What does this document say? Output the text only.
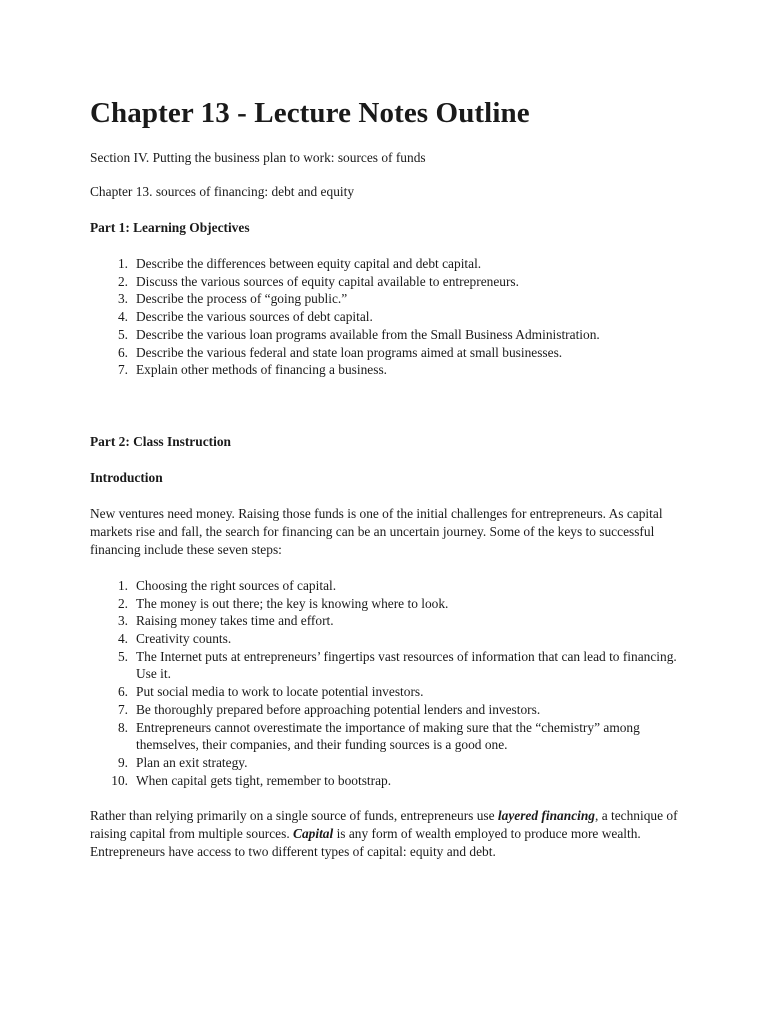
Chapter 13 - Lecture Notes Outline

Section IV. Putting the business plan to work: sources of funds

Chapter 13. sources of financing: debt and equity

Part 1: Learning Objectives

1. Describe the differences between equity capital and debt capital.
2. Discuss the various sources of equity capital available to entrepreneurs.
3. Describe the process of “going public.”
4. Describe the various sources of debt capital.
5. Describe the various loan programs available from the Small Business Administration.
6. Describe the various federal and state loan programs aimed at small businesses.
7. Explain other methods of financing a business.

Part 2: Class Instruction

Introduction

New ventures need money. Raising those funds is one of the initial challenges for entrepreneurs. As capital markets rise and fall, the search for financing can be an uncertain journey. Some of the keys to successful financing include these seven steps:

1. Choosing the right sources of capital.
2. The money is out there; the key is knowing where to look.
3. Raising money takes time and effort.
4. Creativity counts.
5. The Internet puts at entrepreneurs’ fingertips vast resources of information that can lead to financing. Use it.
6. Put social media to work to locate potential investors.
7. Be thoroughly prepared before approaching potential lenders and investors.
8. Entrepreneurs cannot overestimate the importance of making sure that the “chemistry” among themselves, their companies, and their funding sources is a good one.
9. Plan an exit strategy.
10. When capital gets tight, remember to bootstrap.

Rather than relying primarily on a single source of funds, entrepreneurs use layered financing, a technique of raising capital from multiple sources. Capital is any form of wealth employed to produce more wealth. Entrepreneurs have access to two different types of capital: equity and debt.
